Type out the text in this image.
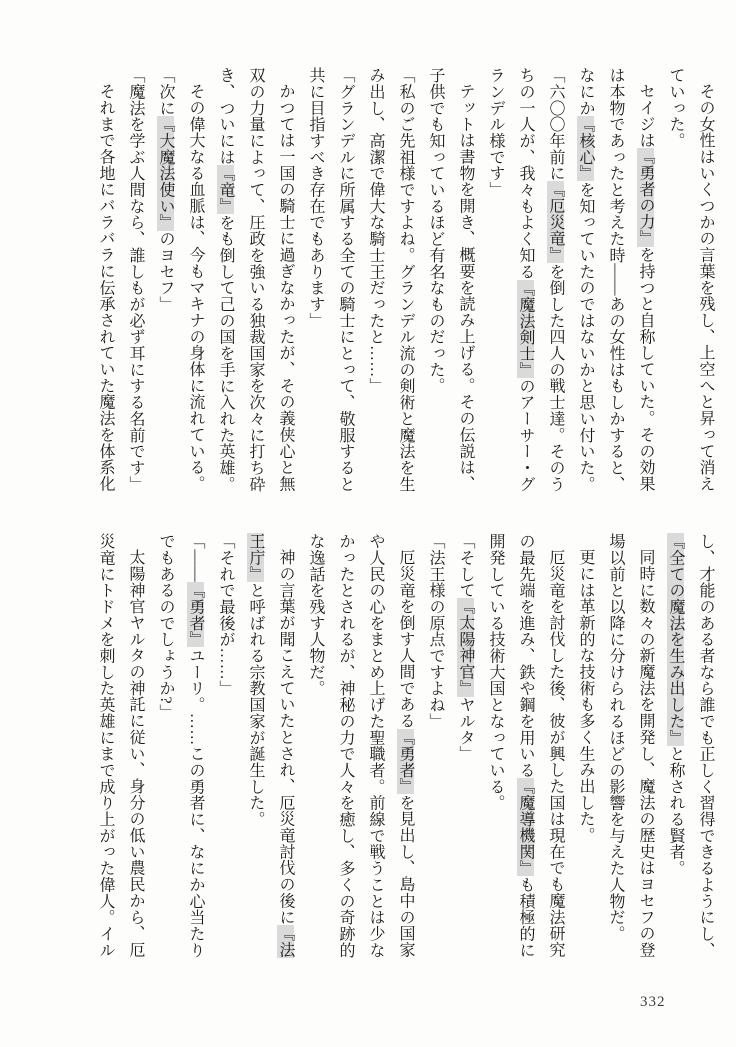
その女性はいくつかの言葉を残し、上空へと昇って消え

ていった。

セイジは『勇者の力』を持つと自称していた。その効果

は本物であったと考えた時――あの女性はもしかすると、

なにか『核心』を知っていたのではないかと思い付いた。

「六〇〇年前に『厄災竜』を倒した四人の戦士達。そのう

ちの一人が、我々もよく知る『魔法剣士』のアーサー・グ

ランデル様です」

テットは書物を開き、概要を読み上げる。その伝説は、

子供でも知っているほど有名なものだった。

「私のご先祖様ですよね。グランデル流の剣術と魔法を生

み出し、高潔で偉大な騎士王だったと……」

「グランデルに所属する全ての騎士にとって、敬服すると

共に目指すべき存在でもあります」

かつては一国の騎士に過ぎなかったが、その義侠心と無

双の力量によって、圧政を強いる独裁国家を次々に打ち砕

き、ついには『竜』をも倒して己の国を手に入れた英雄。

その偉大なる血脈は、今もマキナの身体に流れている。

「次に『大魔法使い』のヨセフ」

「魔法を学ぶ人間なら、誰しもが必ず耳にする名前です」

それまで各地にバラバラに伝承されていた魔法を体系化

し、才能のある者なら誰でも正しく習得できるようにし、

『全ての魔法を生み出した』と称される賢者。

同時に数々の新魔法を開発し、魔法の歴史はヨセフの登

場以前と以降に分けられるほどの影響を与えた人物だ。

更には革新的な技術も多く生み出した。

厄災竜を討伐した後、彼が興した国は現在でも魔法研究

の最先端を進み、鉄や鋼を用いる『魔導機関』も積極的に

開発している技術大国となっている。

「そして『太陽神官』ヤルタ」

「法王様の原点ですよね」

厄災竜を倒す人間である『勇者』を見出し、島中の国家

や人民の心をまとめ上げた聖職者。前線で戦うことは少な

かったとされるが、神秘の力で人々を癒し、多くの奇跡的

な逸話を残す人物だ。

神の言葉が聞こえていたとされ、厄災竜討伐の後に『法

王庁』と呼ばれる宗教国家が誕生した。

「それで最後が……」

「――『勇者』ユーリ。……この勇者に、なにか心当たり

でもあるのでしょうか?」

太陽神官ヤルタの神託に従い、身分の低い農民から、厄

災竜にトドメを刺した英雄にまで成り上がった偉人。イル

332
